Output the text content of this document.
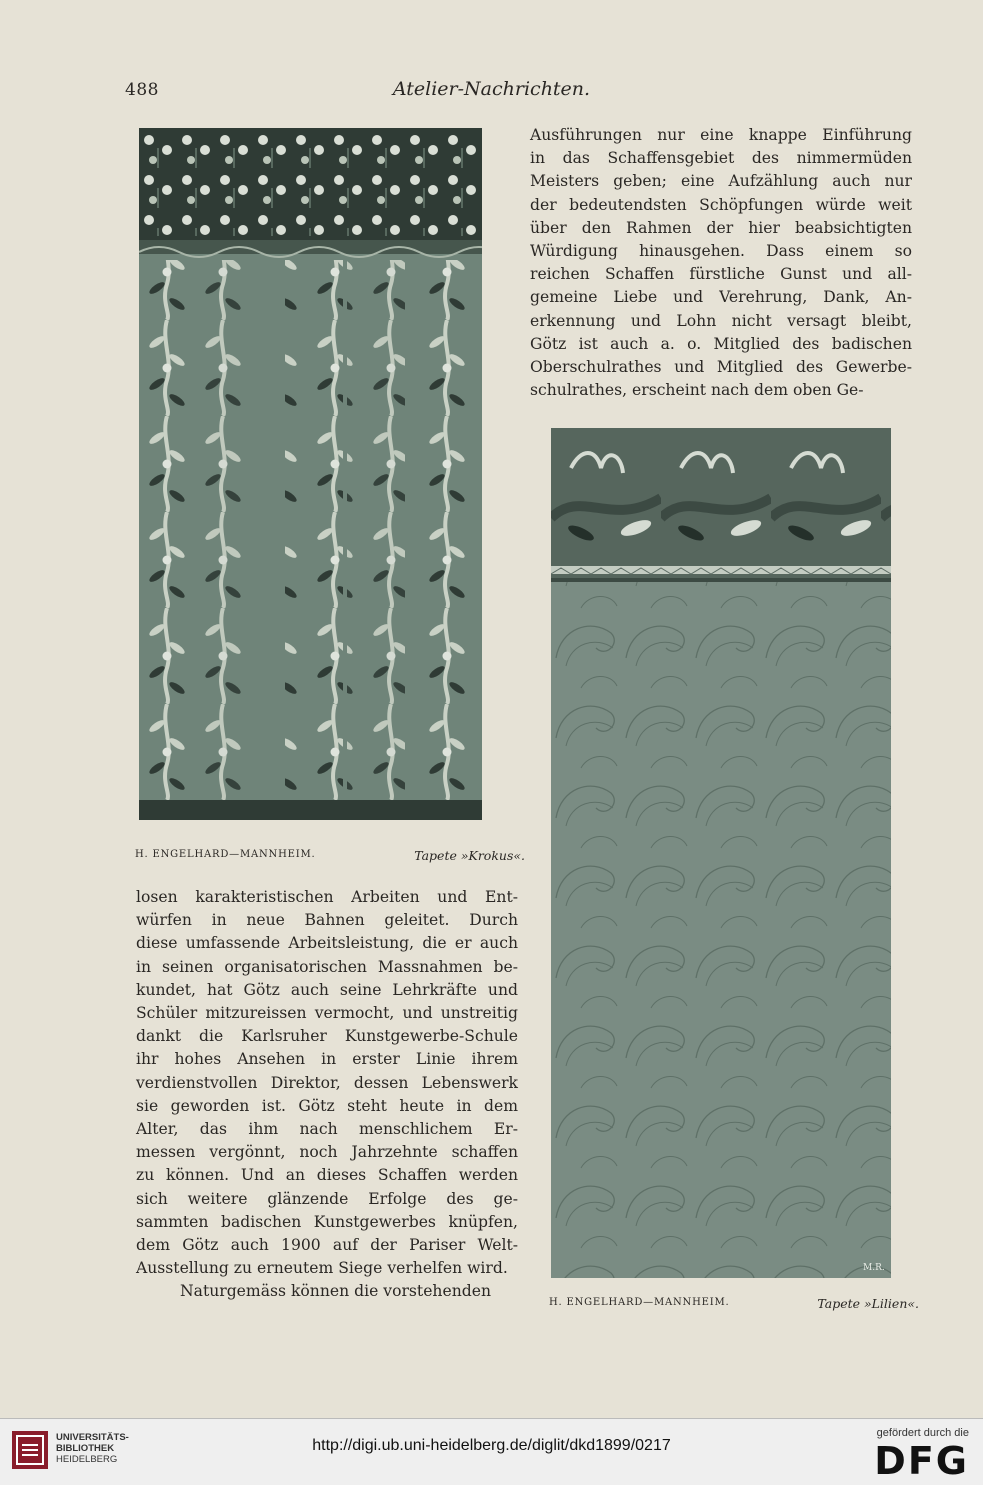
488	Atelier-Nachrichten.
Ausführungen nur eine knappe Einführung
in das Schaffensgebiet des nimmermüden
Meisters geben; eine Aufzählung auch nur
der bedeutendsten Schöpfungen würde weit
über den Rahmen der hier beabsichtigten
Würdigung hinausgehen. Dass einem so
reichen Schaffen fürstliche Gunst und all-
gemeine Liebe und Verehrung, Dank, An-
erkennung und Lohn nicht versagt bleibt,
Götz ist auch a. o. Mitglied des badischen
Oberschulrathes und Mitglied des Gewerbe-
schulrathes, erscheint nach dem oben Ge-
H. ENGELHARD—MANNHEIM.	Tapete »Krokus«.
M.R.
H. ENGELHARD—MANNHEIM.	Tapete »Lilien«.
losen karakteristischen Arbeiten und Ent-
würfen in neue Bahnen geleitet. Durch
diese umfassende Arbeitsleistung, die er auch
in seinen organisatorischen Massnahmen be-
kundet, hat Götz auch seine Lehrkräfte und
Schüler mitzureissen vermocht, und unstreitig
dankt die Karlsruher Kunstgewerbe-Schule
ihr hohes Ansehen in erster Linie ihrem
verdienstvollen Direktor, dessen Lebenswerk
sie geworden ist. Götz steht heute in dem
Alter, das ihm nach menschlichem Er-
messen vergönnt, noch Jahrzehnte schaffen
zu können. Und an dieses Schaffen werden
sich weitere glänzende Erfolge des ge-
sammten badischen Kunstgewerbes knüpfen,
dem Götz auch 1900 auf der Pariser Welt-
Ausstellung zu erneutem Siege verhelfen wird.
Naturgemäss können die vorstehenden
UNIVERSITÄTS-
BIBLIOTHEK
HEIDELBERG
http://digi.ub.uni-heidelberg.de/diglit/dkd1899/0217
gefördert durch die
DFG
